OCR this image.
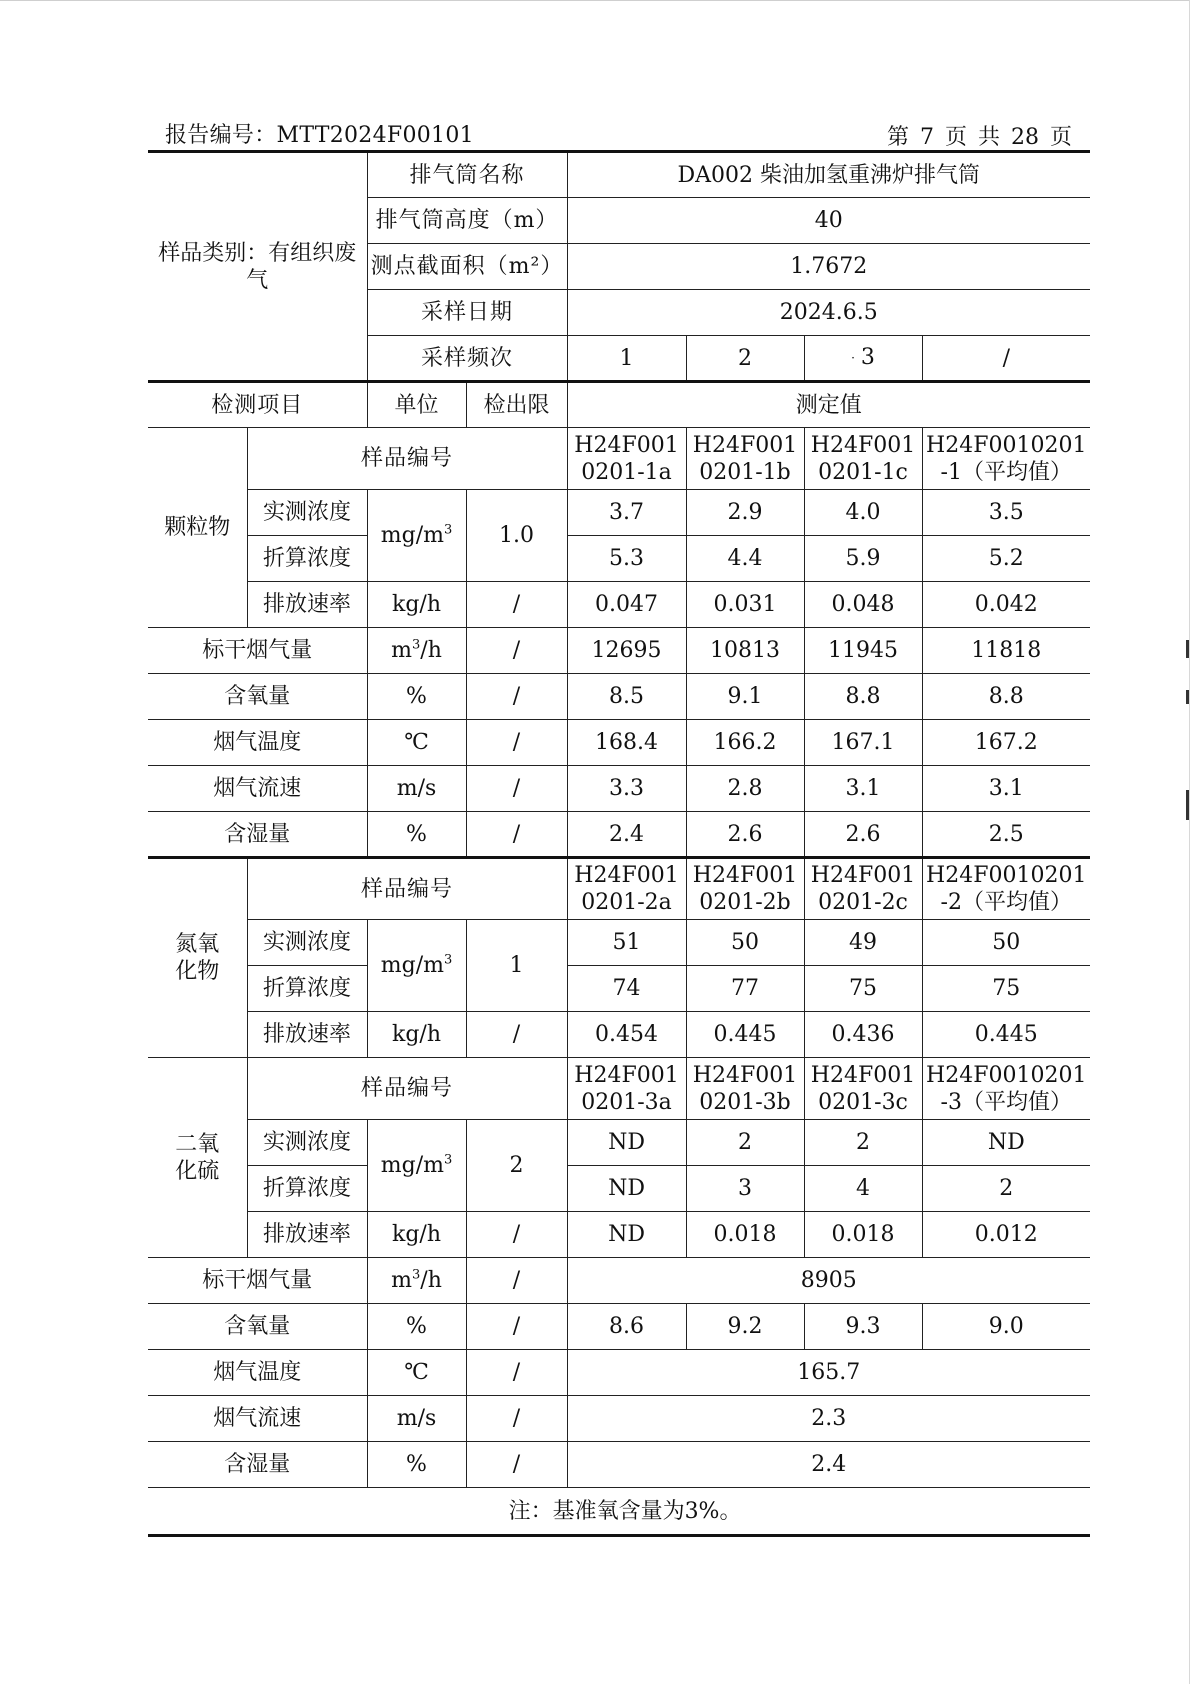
报告编号：MTT2024F00101	第 7 页 共 28 页
样品类别：有组织废气		排气筒名称		DA002 柴油加氢重沸炉排气筒			
		排气筒高度（m）		40			
		测点截面积（m²）		1.7672			
		采样日期		2024.6.5			
		采样频次		1	2	· 3	/
检测项目		单位	检出限	测定值			
颗粒物	样品编号			H24F001 0201-1a	H24F001 0201-1b	H24F001 0201-1c	H24F0010201 -1（平均值）
	实测浓度	$mg/m^3$	1.0	3.7	2.9	4.0	3.5
	折算浓度			5.3	4.4	5.9	5.2
	排放速率	kg/h	/	0.047	0.031	0.048	0.042
标干烟气量		$m^3/h$	/	12695	10813	11945	11818
含氧量		%	/	8.5	9.1	8.8	8.8
烟气温度		℃	/	168.4	166.2	167.1	167.2
烟气流速		m/s	/	3.3	2.8	3.1	3.1
含湿量		%	/	2.4	2.6	2.6	2.5

氮氧化物	样品编号			H24F001 0201-2a	H24F001 0201-2b	H24F001 0201-2c	H24F0010201 -2（平均值）
	实测浓度	$mg/m^3$	1	51	50	49	50
	折算浓度			74	77	75	75
	排放速率	kg/h	/	0.454	0.445	0.436	0.445

二氧化硫	样品编号			H24F001 0201-3a	H24F001 0201-3b	H24F001 0201-3c	H24F0010201 -3（平均值）
	实测浓度	$mg/m^3$	2	ND	2	2	ND
	折算浓度			ND	3	4	2
	排放速率	kg/h	/	ND	0.018	0.018	0.012
标干烟气量		$m^3/h$	/	8905			
含氧量		%	/	8.6	9.2	9.3	9.0
烟气温度		℃	/	165.7			
烟气流速		m/s	/	2.3			
含湿量		%	/	2.4			
注：基准氧含量为3%。							
